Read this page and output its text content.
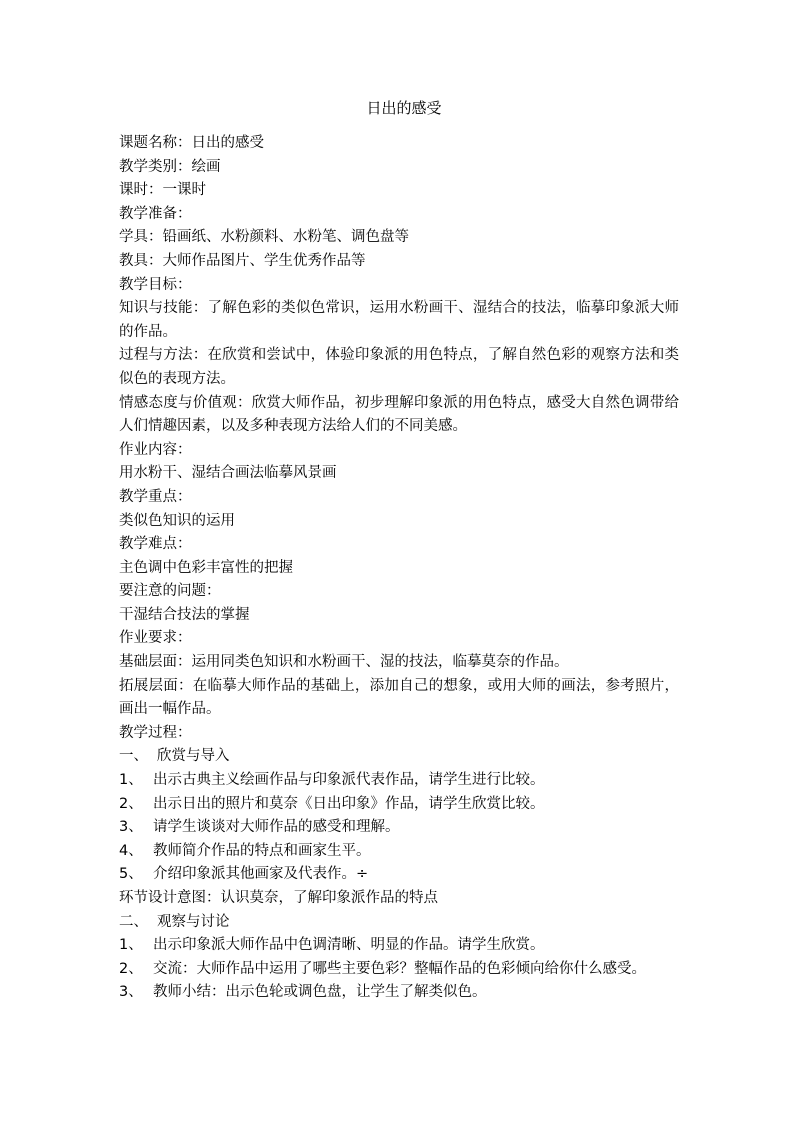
日出的感受
课题名称：日出的感受
教学类别：绘画
课时：一课时
教学准备：
学具：铅画纸、水粉颜料、水粉笔、调色盘等
教具：大师作品图片、学生优秀作品等
教学目标：
知识与技能：了解色彩的类似色常识，运用水粉画干、湿结合的技法，临摹印象派大师的作品。
过程与方法：在欣赏和尝试中，体验印象派的用色特点，了解自然色彩的观察方法和类似色的表现方法。
情感态度与价值观：欣赏大师作品，初步理解印象派的用色特点，感受大自然色调带给人们情趣因素，以及多种表现方法给人们的不同美感。
作业内容：
用水粉干、湿结合画法临摹风景画
教学重点：
类似色知识的运用
教学难点：
主色调中色彩丰富性的把握
要注意的问题：
干湿结合技法的掌握
作业要求：
基础层面：运用同类色知识和水粉画干、湿的技法，临摹莫奈的作品。
拓展层面：在临摹大师作品的基础上，添加自己的想象，或用大师的画法，参考照片，画出一幅作品。
教学过程：
一、 欣赏与导入
1、 出示古典主义绘画作品与印象派代表作品，请学生进行比较。
2、 出示日出的照片和莫奈《日出印象》作品，请学生欣赏比较。
3、 请学生谈谈对大师作品的感受和理解。
4、 教师简介作品的特点和画家生平。
5、 介绍印象派其他画家及代表作。÷
环节设计意图：认识莫奈，了解印象派作品的特点
二、 观察与讨论
1、 出示印象派大师作品中色调清晰、明显的作品。请学生欣赏。
2、 交流：大师作品中运用了哪些主要色彩？整幅作品的色彩倾向给你什么感受。
3、 教师小结：出示色轮或调色盘，让学生了解类似色。
